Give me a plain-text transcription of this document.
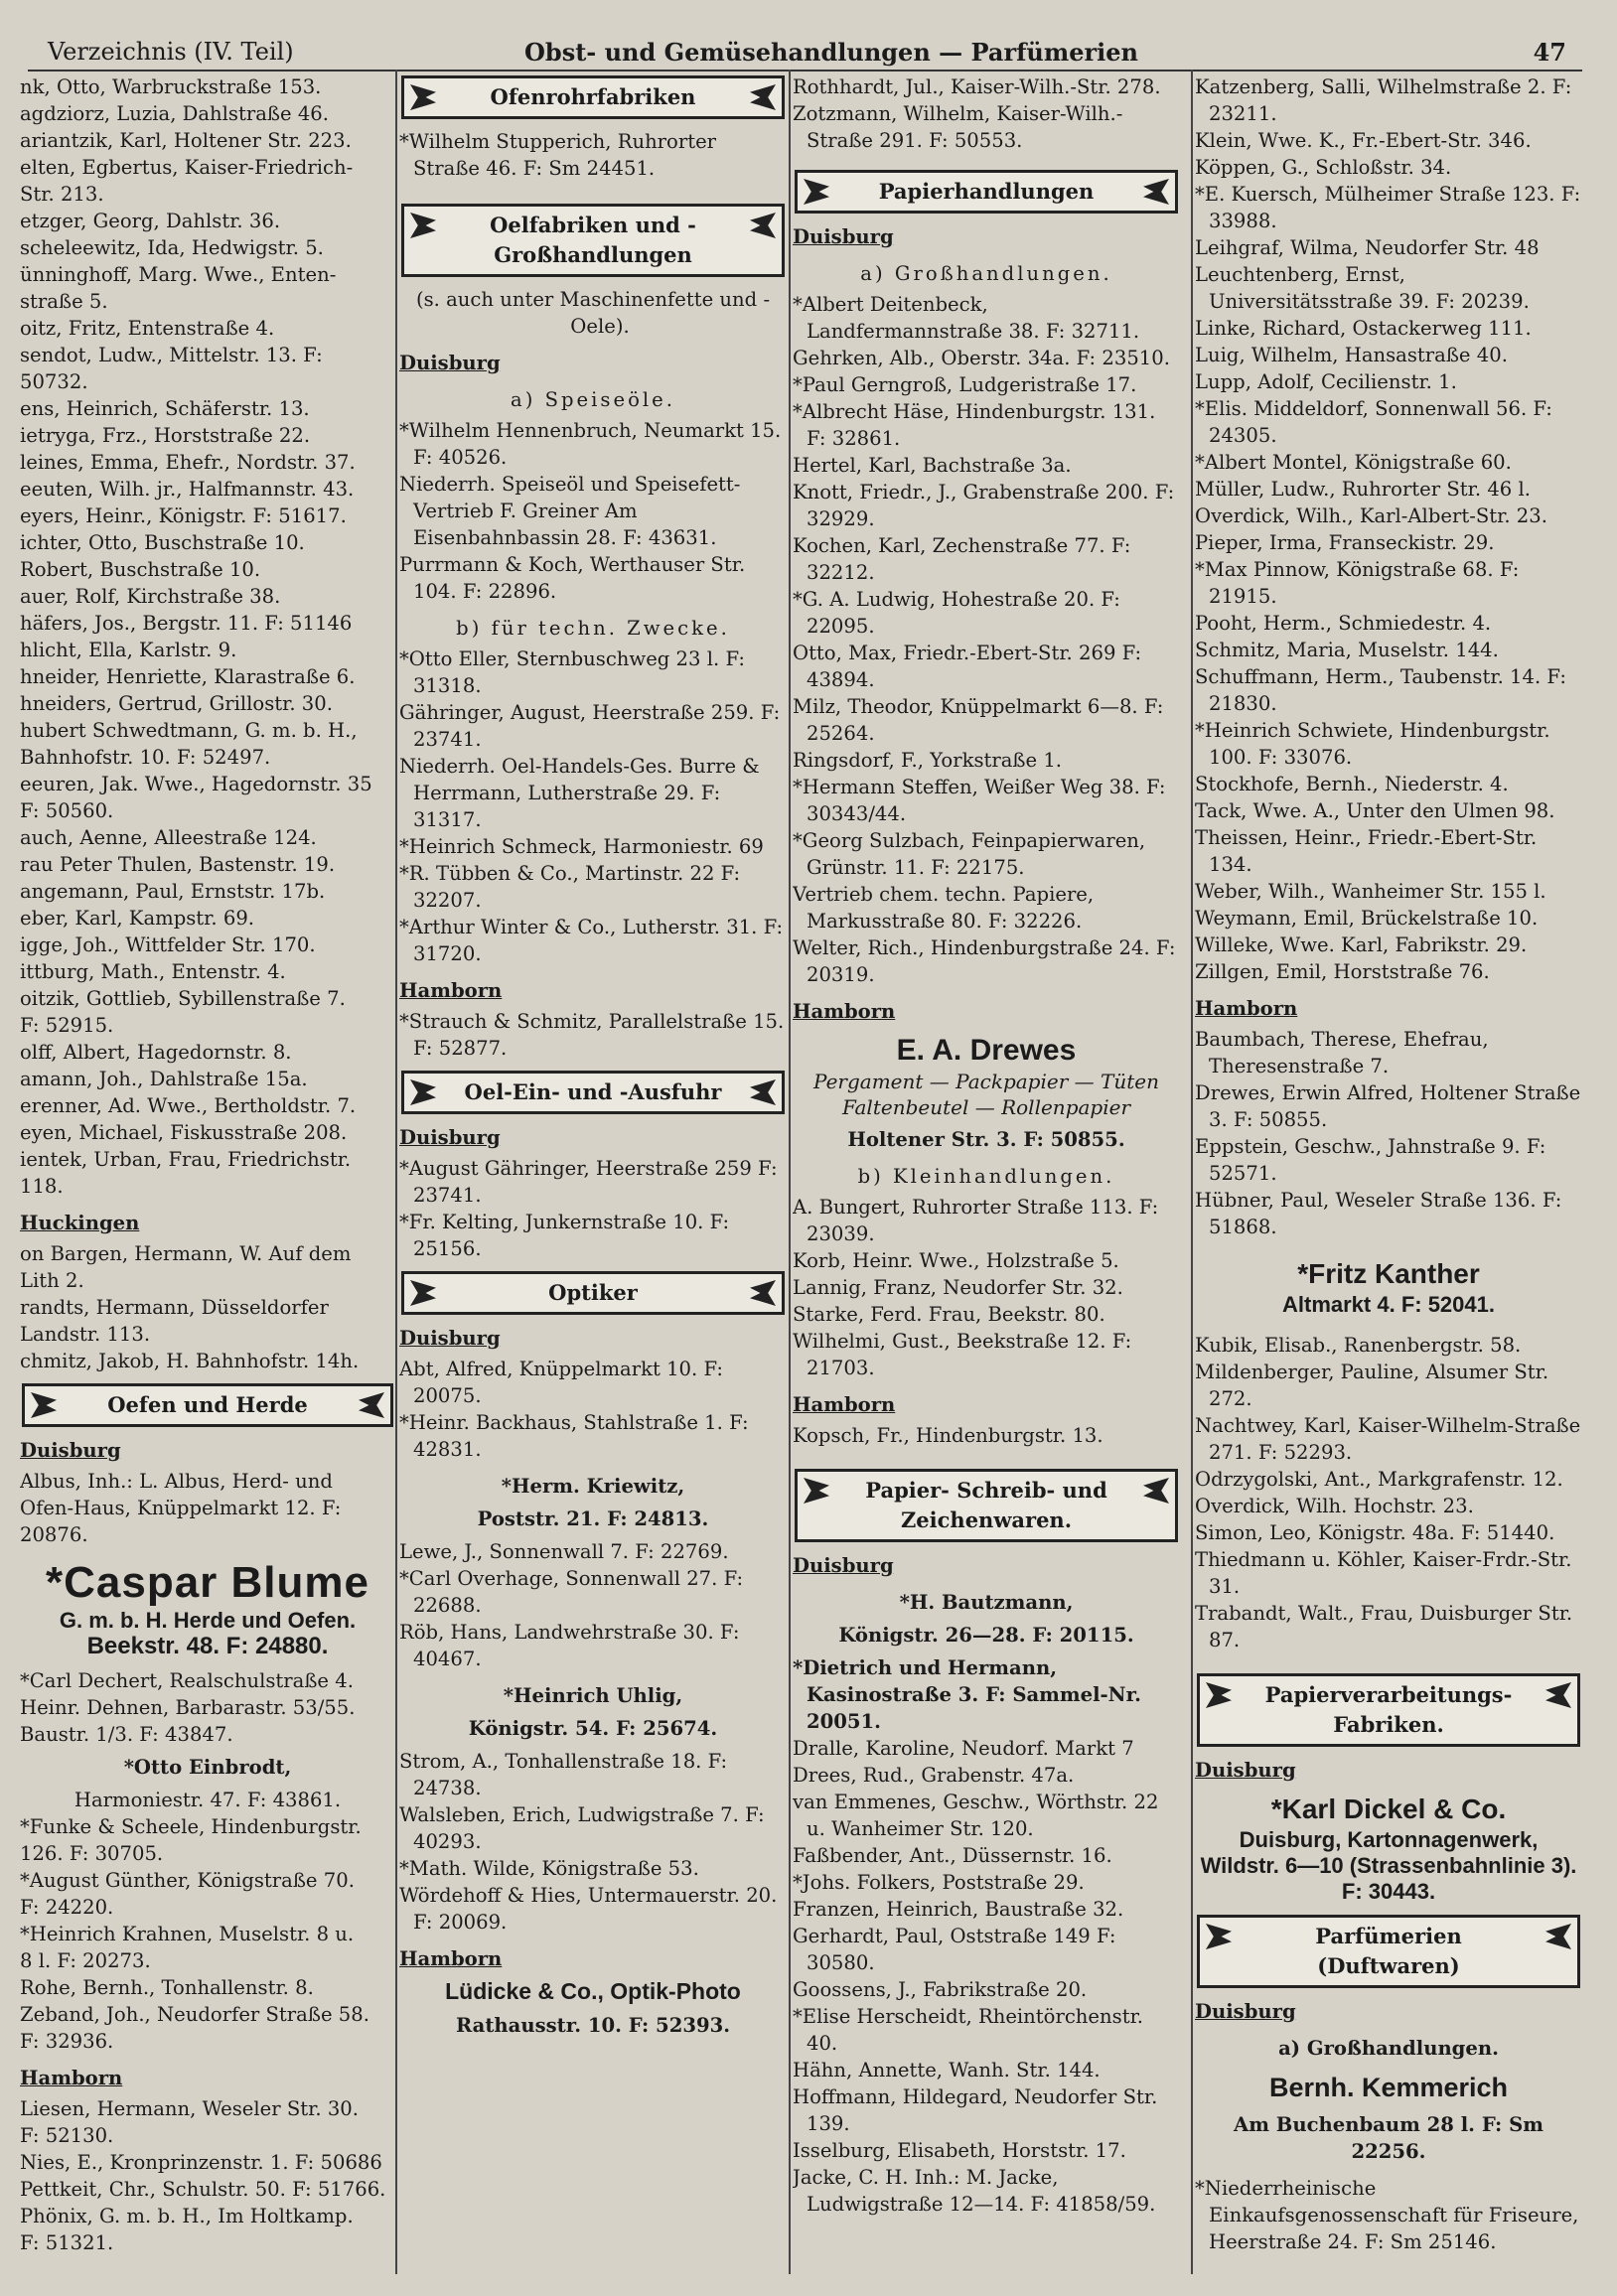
Verzeichnis (IV. Teil)	Obst- und Gemüsehandlungen — Parfümerien	47

nk, Otto, Warbruckstraße 153.

agdziorz, Luzia, Dahlstraße 46.

ariantzik, Karl, Holtener Str. 223.

elten, Egbertus, Kaiser-Friedrich-

Str. 213.

etzger, Georg, Dahlstr. 36.

scheleewitz, Ida, Hedwigstr. 5.

ünninghoff, Marg. Wwe., Enten-

straße 5.

oitz, Fritz, Entenstraße 4.

sendot, Ludw., Mittelstr. 13. F:

50732.

ens, Heinrich, Schäferstr. 13.

ietryga, Frz., Horststraße 22.

leines, Emma, Ehefr., Nordstr. 37.

eeuten, Wilh. jr., Halfmannstr. 43.

eyers, Heinr., Königstr. F: 51617.

ichter, Otto, Buschstraße 10.

Robert, Buschstraße 10.

auer, Rolf, Kirchstraße 38.

häfers, Jos., Bergstr. 11. F: 51146

hlicht, Ella, Karlstr. 9.

hneider, Henriette, Klarastraße 6.

hneiders, Gertrud, Grillostr. 30.

hubert Schwedtmann, G. m. b. H.,

Bahnhofstr. 10. F: 52497.

eeuren, Jak. Wwe., Hagedornstr. 35

F: 50560.

auch, Aenne, Alleestraße 124.

rau Peter Thulen, Bastenstr. 19.

angemann, Paul, Ernststr. 17b.

eber, Karl, Kampstr. 69.

igge, Joh., Wittfelder Str. 170.

ittburg, Math., Entenstr. 4.

oitzik, Gottlieb, Sybillenstraße 7.

F: 52915.

olff, Albert, Hagedornstr. 8.

amann, Joh., Dahlstraße 15a.

erenner, Ad. Wwe., Bertholdstr. 7.

eyen, Michael, Fiskusstraße 208.

ientek, Urban, Frau, Friedrichstr.

118.

Huckingen

on Bargen, Hermann, W. Auf dem

Lith 2.

randts, Hermann, Düsseldorfer

Landstr. 113.

chmitz, Jakob, H. Bahnhofstr. 14h.

Oefen und Herde
Duisburg

Albus, Inh.: L. Albus, Herd- und

Ofen-Haus, Knüppelmarkt 12. F:

20876.

*Caspar Blume
G. m. b. H. Herde und Oefen.
Beekstr. 48. F: 24880.

*Carl Dechert, Realschulstraße 4.

Heinr. Dehnen, Barbarastr. 53/55.

Baustr. 1/3. F: 43847.

*Otto Einbrodt,
Harmoniestr. 47. F: 43861.

*Funke & Scheele, Hindenburgstr.

126. F: 30705.

*August Günther, Königstraße 70.

F: 24220.

*Heinrich Krahnen, Muselstr. 8 u.

8 l. F: 20273.

Rohe, Bernh., Tonhallenstr. 8.

Zeband, Joh., Neudorfer Straße 58.

F: 32936.

Hamborn

Liesen, Hermann, Weseler Str. 30.

F: 52130.

Nies, E., Kronprinzenstr. 1. F: 50686

Pettkeit, Chr., Schulstr. 50. F: 51766.

Phönix, G. m. b. H., Im Holtkamp.

F: 51321.

Ofenrohrfabriken

*Wilhelm Stupperich, Ruhrorter Straße 46. F: Sm 24451.

Oelfabriken und -Großhandlungen
(s. auch unter Maschinenfette und -Oele).
Duisburg
a) Speiseöle.

*Wilhelm Hennenbruch, Neumarkt 15. F: 40526.

Niederrh. Speiseöl und Speisefett-Vertrieb F. Greiner Am Eisenbahnbassin 28. F: 43631.

Purrmann & Koch, Werthauser Str. 104. F: 22896.

b) für techn. Zwecke.

*Otto Eller, Sternbuschweg 23 l. F: 31318.

Gähringer, August, Heerstraße 259. F: 23741.

Niederrh. Oel-Handels-Ges. Burre & Herrmann, Lutherstraße 29. F: 31317.

*Heinrich Schmeck, Harmoniestr. 69

*R. Tübben & Co., Martinstr. 22 F: 32207.

*Arthur Winter & Co., Lutherstr. 31. F: 31720.

Hamborn

*Strauch & Schmitz, Parallelstraße 15. F: 52877.

Oel-Ein- und -Ausfuhr
Duisburg

*August Gähringer, Heerstraße 259 F: 23741.

*Fr. Kelting, Junkernstraße 10. F: 25156.

Optiker
Duisburg

Abt, Alfred, Knüppelmarkt 10. F: 20075.

*Heinr. Backhaus, Stahlstraße 1. F: 42831.

*Herm. Kriewitz,
Poststr. 21. F: 24813.

Lewe, J., Sonnenwall 7. F: 22769.

*Carl Overhage, Sonnenwall 27. F: 22688.

Röb, Hans, Landwehrstraße 30. F: 40467.

*Heinrich Uhlig,
Königstr. 54. F: 25674.

Strom, A., Tonhallenstraße 18. F: 24738.

Walsleben, Erich, Ludwigstraße 7. F: 40293.

*Math. Wilde, Königstraße 53.

Wördehoff & Hies, Untermauerstr. 20. F: 20069.

Hamborn
Lüdicke & Co., Optik-Photo
Rathausstr. 10. F: 52393.

Rothhardt, Jul., Kaiser-Wilh.-Str. 278.

Zotzmann, Wilhelm, Kaiser-Wilh.-Straße 291. F: 50553.

Papierhandlungen
Duisburg
a) Großhandlungen.

*Albert Deitenbeck, Landfermannstraße 38. F: 32711.

Gehrken, Alb., Oberstr. 34a. F: 23510.

*Paul Gerngroß, Ludgeristraße 17.

*Albrecht Häse, Hindenburgstr. 131. F: 32861.

Hertel, Karl, Bachstraße 3a.

Knott, Friedr., J., Grabenstraße 200. F: 32929.

Kochen, Karl, Zechenstraße 77. F: 32212.

*G. A. Ludwig, Hohestraße 20. F: 22095.

Otto, Max, Friedr.-Ebert-Str. 269 F: 43894.

Milz, Theodor, Knüppelmarkt 6—8. F: 25264.

Ringsdorf, F., Yorkstraße 1.

*Hermann Steffen, Weißer Weg 38. F: 30343/44.

*Georg Sulzbach, Feinpapierwaren, Grünstr. 11. F: 22175.

Vertrieb chem. techn. Papiere, Markusstraße 80. F: 32226.

Welter, Rich., Hindenburgstraße 24. F: 20319.

Hamborn
E. A. Drewes
Pergament — Packpapier — Tüten
Faltenbeutel — Rollenpapier
Holtener Str. 3. F: 50855.
b) Kleinhandlungen.

A. Bungert, Ruhrorter Straße 113. F: 23039.

Korb, Heinr. Wwe., Holzstraße 5.

Lannig, Franz, Neudorfer Str. 32.

Starke, Ferd. Frau, Beekstr. 80.

Wilhelmi, Gust., Beekstraße 12. F: 21703.

Hamborn

Kopsch, Fr., Hindenburgstr. 13.

Papier- Schreib- und Zeichenwaren.
Duisburg
*H. Bautzmann,
Königstr. 26—28. F: 20115.
*Dietrich und Hermann, Kasinostraße 3. F: Sammel-Nr. 20051.

Dralle, Karoline, Neudorf. Markt 7

Drees, Rud., Grabenstr. 47a.

van Emmenes, Geschw., Wörthstr. 22 u. Wanheimer Str. 120.

Faßbender, Ant., Düssernstr. 16.

*Johs. Folkers, Poststraße 29.

Franzen, Heinrich, Baustraße 32.

Gerhardt, Paul, Oststraße 149 F: 30580.

Goossens, J., Fabrikstraße 20.

*Elise Herscheidt, Rheintörchenstr. 40.

Hähn, Annette, Wanh. Str. 144.

Hoffmann, Hildegard, Neudorfer Str. 139.

Isselburg, Elisabeth, Horststr. 17.

Jacke, C. H. Inh.: M. Jacke, Ludwigstraße 12—14. F: 41858/59.

Katzenberg, Salli, Wilhelmstraße 2. F: 23211.

Klein, Wwe. K., Fr.-Ebert-Str. 346.

Köppen, G., Schloßstr. 34.

*E. Kuersch, Mülheimer Straße 123. F: 33988.

Leihgraf, Wilma, Neudorfer Str. 48

Leuchtenberg, Ernst, Universitätsstraße 39. F: 20239.

Linke, Richard, Ostackerweg 111.

Luig, Wilhelm, Hansastraße 40.

Lupp, Adolf, Cecilienstr. 1.

*Elis. Middeldorf, Sonnenwall 56. F: 24305.

*Albert Montel, Königstraße 60.

Müller, Ludw., Ruhrorter Str. 46 l.

Overdick, Wilh., Karl-Albert-Str. 23.

Pieper, Irma, Franseckistr. 29.

*Max Pinnow, Königstraße 68. F: 21915.

Pooht, Herm., Schmiedestr. 4.

Schmitz, Maria, Muselstr. 144.

Schuffmann, Herm., Taubenstr. 14. F: 21830.

*Heinrich Schwiete, Hindenburgstr. 100. F: 33076.

Stockhofe, Bernh., Niederstr. 4.

Tack, Wwe. A., Unter den Ulmen 98.

Theissen, Heinr., Friedr.-Ebert-Str. 134.

Weber, Wilh., Wanheimer Str. 155 l.

Weymann, Emil, Brückelstraße 10.

Willeke, Wwe. Karl, Fabrikstr. 29.

Zillgen, Emil, Horststraße 76.

Hamborn

Baumbach, Therese, Ehefrau, Theresenstraße 7.

Drewes, Erwin Alfred, Holtener Straße 3. F: 50855.

Eppstein, Geschw., Jahnstraße 9. F: 52571.

Hübner, Paul, Weseler Straße 136. F: 51868.

*Fritz Kanther
Altmarkt 4. F: 52041.

Kubik, Elisab., Ranenbergstr. 58.

Mildenberger, Pauline, Alsumer Str. 272.

Nachtwey, Karl, Kaiser-Wilhelm-Straße 271. F: 52293.

Odrzygolski, Ant., Markgrafenstr. 12.

Overdick, Wilh. Hochstr. 23.

Simon, Leo, Königstr. 48a. F: 51440.

Thiedmann u. Köhler, Kaiser-Frdr.-Str. 31.

Trabandt, Walt., Frau, Duisburger Str. 87.

Papierverarbeitungs-Fabriken.
Duisburg
*Karl Dickel & Co.
Duisburg, Kartonnagenwerk,
Wildstr. 6—10 (Strassenbahnlinie 3). F: 30443.
Parfümerien (Duftwaren)
Duisburg
a) Großhandlungen.
Bernh. Kemmerich
Am Buchenbaum 28 l. F: Sm 22256.

*Niederrheinische Einkaufsgenossenschaft für Friseure, Heerstraße 24. F: Sm 25146.
